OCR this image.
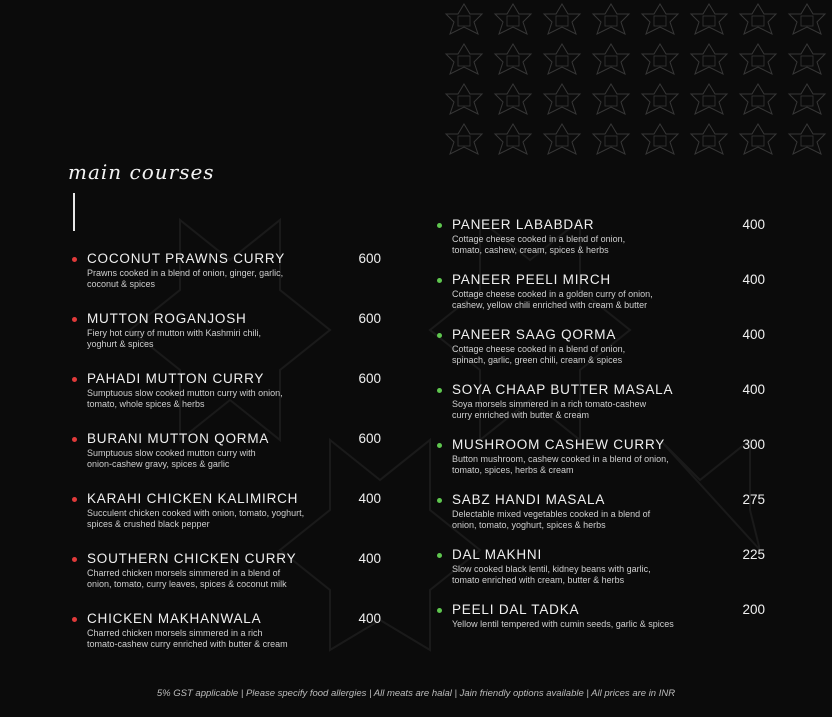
main courses
COCONUT PRAWNS CURRY
Prawns cooked in a blend of onion, ginger, garlic,
coconut & spices
600
MUTTON ROGANJOSH
Fiery hot curry of mutton with Kashmiri chili,
yoghurt & spices
600
PAHADI MUTTON CURRY
Sumptuous slow cooked mutton curry with onion,
tomato, whole spices & herbs
600
BURANI MUTTON QORMA
Sumptuous slow cooked mutton curry with
onion-cashew gravy, spices & garlic
600
KARAHI CHICKEN KALIMIRCH
Succulent chicken cooked with onion, tomato, yoghurt,
spices & crushed black pepper
400
SOUTHERN CHICKEN CURRY
Charred chicken morsels simmered in a blend of
onion, tomato, curry leaves, spices & coconut milk
400
CHICKEN MAKHANWALA
Charred chicken morsels simmered in a rich
tomato-cashew curry enriched with butter & cream
400
PANEER LABABDAR
Cottage cheese cooked in a blend of onion,
tomato, cashew, cream, spices & herbs
400
PANEER PEELI MIRCH
Cottage cheese cooked in a golden curry of onion,
cashew, yellow chili enriched with cream & butter
400
PANEER SAAG QORMA
Cottage cheese cooked in a blend of onion,
spinach, garlic, green chili, cream & spices
400
SOYA CHAAP BUTTER MASALA
Soya morsels simmered in a rich tomato-cashew
curry enriched with butter & cream
400
MUSHROOM CASHEW CURRY
Button mushroom, cashew cooked in a blend of onion,
tomato, spices, herbs & cream
300
SABZ HANDI MASALA
Delectable mixed vegetables cooked in a blend of
onion, tomato, yoghurt, spices & herbs
275
DAL MAKHNI
Slow cooked black lentil, kidney beans with garlic,
tomato enriched with cream, butter & herbs
225
PEELI DAL TADKA
Yellow lentil tempered with cumin seeds, garlic & spices
200
5% GST applicable | Please specify food allergies | All meats are halal | Jain friendly options available | All prices are in INR
